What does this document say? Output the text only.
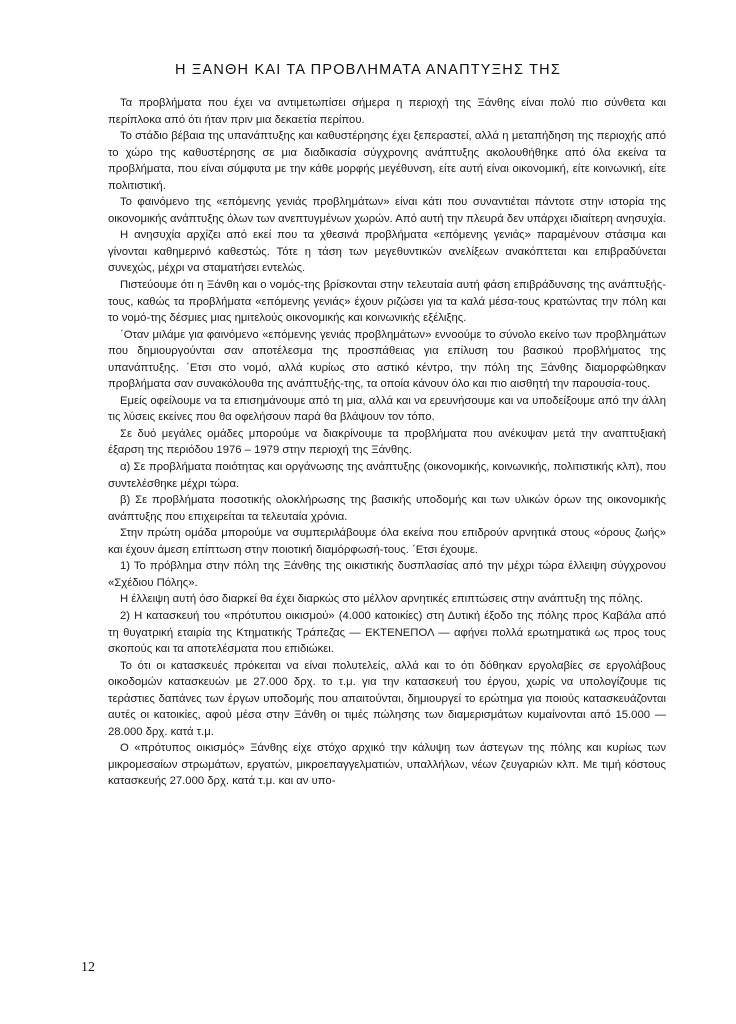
Η ΞΑΝΘΗ ΚΑΙ ΤΑ ΠΡΟΒΛΗΜΑΤΑ ΑΝΑΠΤΥΞΗΣ ΤΗΣ

Τα προβλήματα που έχει να αντιμετωπίσει σήμερα η περιοχή της Ξάνθης είναι πολύ πιο σύνθετα και περίπλοκα από ότι ήταν πριν μια δεκαετία περίπου.

Το στάδιο βέβαια της υπανάπτυξης και καθυστέρησης έχει ξεπεραστεί, αλλά η μεταπήδηση της περιοχής από το χώρο της καθυστέρησης σε μια διαδικασία σύγχρονης ανάπτυξης ακολουθήθηκε από όλα εκείνα τα προβλήματα, που είναι σύμφυτα με την κάθε μορφής μεγέθυνση, είτε αυτή είναι οικονομική, είτε κοινωνική, είτε πολιτιστική.

Το φαινόμενο της «επόμενης γενιάς προβλημάτων» είναι κάτι που συναντιέται πάντοτε στην ιστορία της οικονομικής ανάπτυξης όλων των ανεπτυγμένων χωρών. Από αυτή την πλευρά δεν υπάρχει ιδιαίτερη ανησυχία.

Η ανησυχία αρχίζει από εκεί που τα χθεσινά προβλήματα «επόμενης γενιάς» παραμένουν στάσιμα και γίνονται καθημερινό καθεστώς. Τότε η τάση των μεγεθυντικών ανελίξεων ανακόπτεται και επιβραδύνεται συνεχώς, μέχρι να σταματήσει εντελώς.

Πιστεύουμε ότι η Ξάνθη και ο νομός-της βρίσκονται στην τελευταία αυτή φάση επιβράδυνσης της ανάπτυξής-τους, καθώς τα προβλήματα «επόμενης γενιάς» έχουν ριζώσει για τα καλά μέσα-τους κρατώντας την πόλη και το νομό-της δέσμιες μιας ημιτελούς οικονομικής και κοινωνικής εξέλιξης.

΄Οταν μιλάμε για φαινόμενο «επόμενης γενιάς προβλημάτων» εννοούμε το σύνολο εκείνο των προβλημάτων που δημιουργούνται σαν αποτέλεσμα της προσπάθειας για επίλυση του βασικού προβλήματος της υπανάπτυξης. ΄Ετσι στο νομό, αλλά κυρίως στο αστικό κέντρο, την πόλη της Ξάνθης διαμορφώθηκαν προβλήματα σαν συνακόλουθα της ανάπτυξής-της, τα οποία κάνουν όλο και πιο αισθητή την παρουσία-τους.

Εμείς οφείλουμε να τα επισημάνουμε από τη μια, αλλά και να ερευνήσουμε και να υποδείξουμε από την άλλη τις λύσεις εκείνες που θα οφελήσουν παρά θα βλάψουν τον τόπο.

Σε δυό μεγάλες ομάδες μπορούμε να διακρίνουμε τα προβλήματα που ανέκυψαν μετά την αναπτυξιακή έξαρση της περιόδου 1976 – 1979 στην περιοχή της Ξάνθης.

α) Σε προβλήματα ποιότητας και οργάνωσης της ανάπτυξης (οικονομικής, κοινωνικής, πολιτιστικής κλπ), που συντελέσθηκε μέχρι τώρα.

β) Σε προβλήματα ποσοτικής ολοκλήρωσης της βασικής υποδομής και των υλικών όρων της οικονομικής ανάπτυξης που επιχειρείται τα τελευταία χρόνια.

Στην πρώτη ομάδα μπορούμε να συμπεριλάβουμε όλα εκείνα που επιδρούν αρνητικά στους «όρους ζωής» και έχουν άμεση επίπτωση στην ποιοτική διαμόρφωσή-τους. ΄Ετσι έχουμε.

1) Το πρόβλημα στην πόλη της Ξάνθης της οικιστικής δυσπλασίας από την μέχρι τώρα έλλειψη σύγχρονου «Σχέδιου Πόλης».

Η έλλειψη αυτή όσο διαρκεί θα έχει διαρκώς στο μέλλον αρνητικές επιπτώσεις στην ανάπτυξη της πόλης.

2) Η κατασκευή του «πρότυπου οικισμού» (4.000 κατοικίες) στη Δυτική έξοδο της πόλης προς Καβάλα από τη θυγατρική εταιρία της Κτηματικής Τράπεζας — ΕΚΤΕΝΕΠΟΛ — αφήνει πολλά ερωτηματικά ως προς τους σκοπούς και τα αποτελέσματα που επιδιώκει.

Το ότι οι κατασκευές πρόκειται να είναι πολυτελείς, αλλά και το ότι δόθηκαν εργολαβίες σε εργολάβους οικοδομών κατασκευών με 27.000 δρχ. το τ.μ. για την κατασκευή του έργου, χωρίς να υπολογίζουμε τις τεράστιες δαπάνες των έργων υποδομής που απαιτούνται, δημιουργεί το ερώτημα για ποιούς κατασκευάζονται αυτές οι κατοικίες, αφού μέσα στην Ξάνθη οι τιμές πώλησης των διαμερισμάτων κυμαίνονται από 15.000 — 28.000 δρχ. κατά τ.μ.

Ο «πρότυπος οικισμός» Ξάνθης είχε στόχο αρχικό την κάλυψη των άστεγων της πόλης και κυρίως των μικρομεσαίων στρωμάτων, εργατών, μικροεπαγγελματιών, υπαλλήλων, νέων ζευγαριών κλπ. Με τιμή κόστους κατασκευής 27.000 δρχ. κατά τ.μ. και αν υπο-

12
